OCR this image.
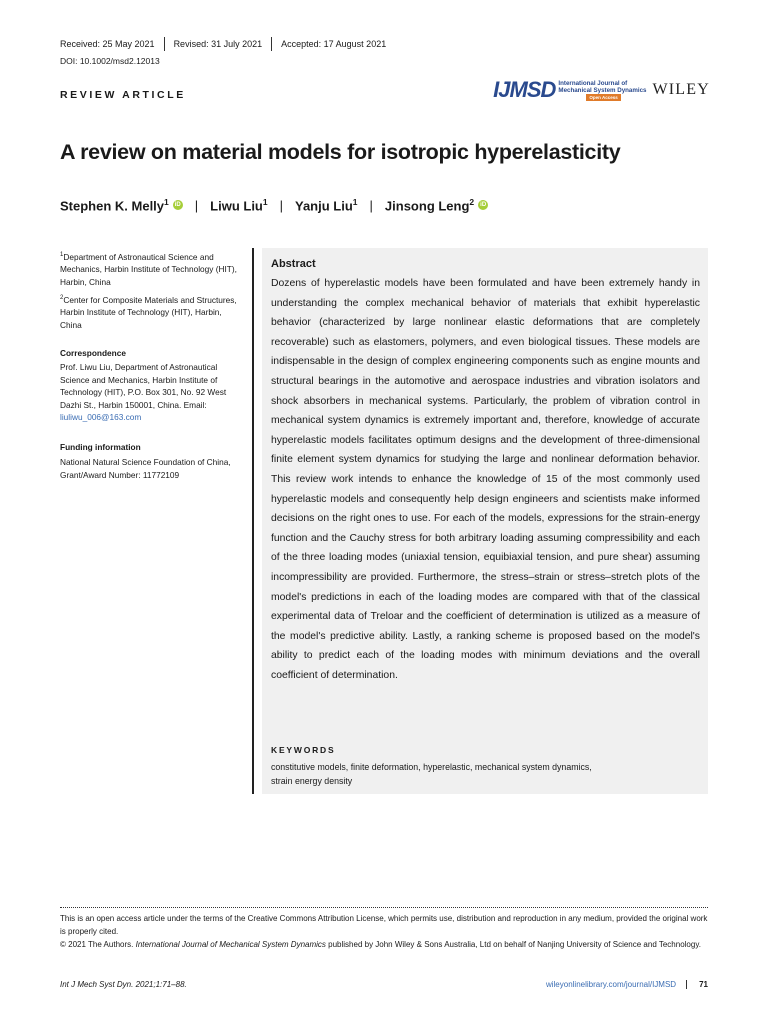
Received: 25 May 2021 Revised: 31 July 2021 Accepted: 17 August 2021
DOI: 10.1002/msd2.12013
REVIEW ARTICLE	IJMSD International Journal of
Mechanical System Dynamics
Open Access	WILEY
A review on material models for isotropic hyperelasticity
Stephen K. Melly$^1$	iD | Liwu Liu$^1$ | Yanju Liu$^1$ | Jinsong Leng$^2$	iD
$^1$Department of Astronautical Science and Mechanics, Harbin Institute of Technology (HIT), Harbin, China
$^2$Center for Composite Materials and Structures, Harbin Institute of Technology (HIT), Harbin, China
Correspondence
Prof. Liwu Liu, Department of Astronautical Science and Mechanics, Harbin Institute of Technology (HIT), P.O. Box 301, No. 92 West Dazhi St., Harbin 150001, China. Email: liuliwu_006@163.com
Funding information
National Natural Science Foundation of China, Grant/Award Number: 11772109
Abstract
Dozens of hyperelastic models have been formulated and have been extremely handy in understanding the complex mechanical behavior of materials that exhibit hyperelastic behavior (characterized by large nonlinear elastic deformations that are completely recoverable) such as elastomers, polymers, and even biological tissues. These models are indispensable in the design of complex engineering components such as engine mounts and structural bearings in the automotive and aerospace industries and vibration isolators and shock absorbers in mechanical systems. Particularly, the problem of vibration control in mechanical system dynamics is extremely important and, therefore, knowledge of accurate hyperelastic models facilitates optimum designs and the development of three-dimensional finite element system dynamics for studying the large and nonlinear deformation behavior. This review work intends to enhance the knowledge of 15 of the most commonly used hyperelastic models and consequently help design engineers and scientists make informed decisions on the right ones to use. For each of the models, expressions for the strain-energy function and the Cauchy stress for both arbitrary loading assuming compressibility and each of the three loading modes (uniaxial tension, equibiaxial tension, and pure shear) assuming incompressibility are provided. Furthermore, the stress–strain or stress–stretch plots of the model's predictions in each of the loading modes are compared with that of the classical experimental data of Treloar and the coefficient of determination is utilized as a measure of the model's predictive ability. Lastly, a ranking scheme is proposed based on the model's ability to predict each of the loading modes with minimum deviations and the overall coefficient of determination.
KEYWORDS
constitutive models, finite deformation, hyperelastic, mechanical system dynamics,
strain energy density
This is an open access article under the terms of the Creative Commons Attribution License, which permits use, distribution and reproduction in any medium, provided the original work is properly cited.
© 2021 The Authors. International Journal of Mechanical System Dynamics published by John Wiley & Sons Australia, Ltd on behalf of Nanjing University of Science and Technology.
Int J Mech Syst Dyn. 2021;1:71–88.	wileyonlinelibrary.com/journal/IJMSD	71
